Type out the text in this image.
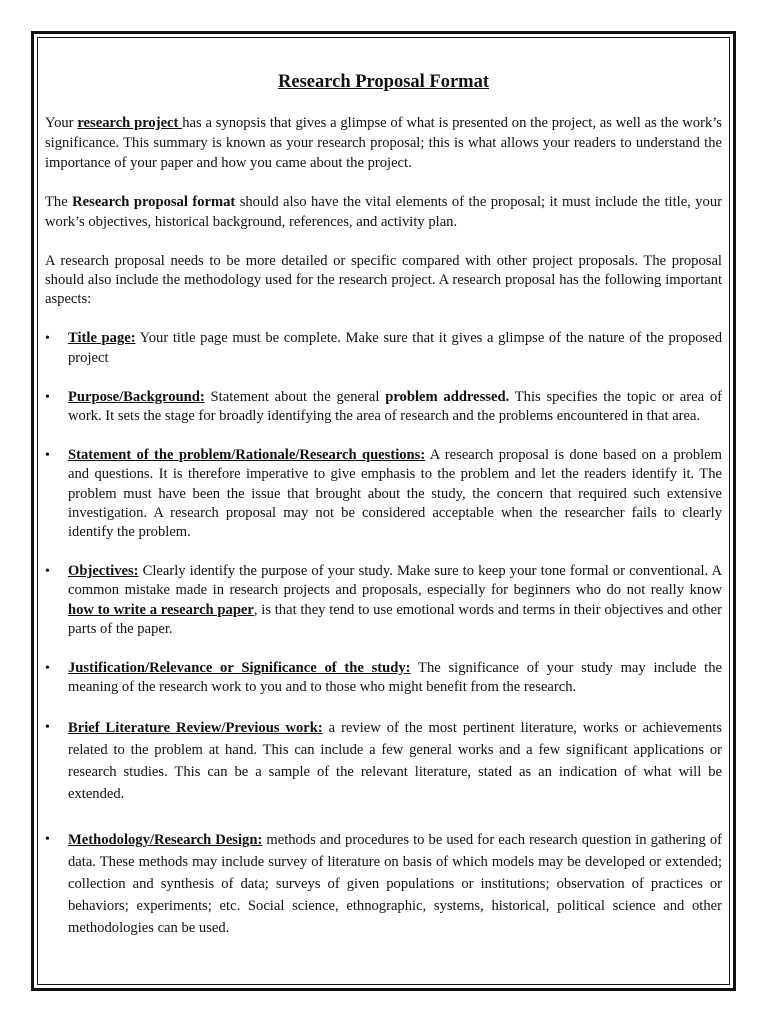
Research Proposal Format

Your research project has a synopsis that gives a glimpse of what is presented on the project, as well as the work’s significance. This summary is known as your research proposal; this is what allows your readers to understand the importance of your paper and how you came about the project.

The Research proposal format should also have the vital elements of the proposal; it must include the title, your work’s objectives, historical background, references, and activity plan.

A research proposal needs to be more detailed or specific compared with other project proposals. The proposal should also include the methodology used for the research project. A research proposal has the following important aspects:

• Title page: Your title page must be complete. Make sure that it gives a glimpse of the nature of the proposed project
• Purpose/Background: Statement about the general problem addressed. This specifies the topic or area of work. It sets the stage for broadly identifying the area of research and the problems encountered in that area.
• Statement of the problem/Rationale/Research questions: A research proposal is done based on a problem and questions. It is therefore imperative to give emphasis to the problem and let the readers identify it. The problem must have been the issue that brought about the study, the concern that required such extensive investigation. A research proposal may not be considered acceptable when the researcher fails to clearly identify the problem.
• Objectives: Clearly identify the purpose of your study. Make sure to keep your tone formal or conventional. A common mistake made in research projects and proposals, especially for beginners who do not really know how to write a research paper, is that they tend to use emotional words and terms in their objectives and other parts of the paper.
• Justification/Relevance or Significance of the study: The significance of your study may include the meaning of the research work to you and to those who might benefit from the research.
• Brief Literature Review/Previous work: a review of the most pertinent literature, works or achievements related to the problem at hand. This can include a few general works and a few significant applications or research studies. This can be a sample of the relevant literature, stated as an indication of what will be extended.
• Methodology/Research Design: methods and procedures to be used for each research question in gathering of data. These methods may include survey of literature on basis of which models may be developed or extended; collection and synthesis of data; surveys of given populations or institutions; observation of practices or behaviors; experiments; etc. Social science, ethnographic, systems, historical, political science and other methodologies can be used.
